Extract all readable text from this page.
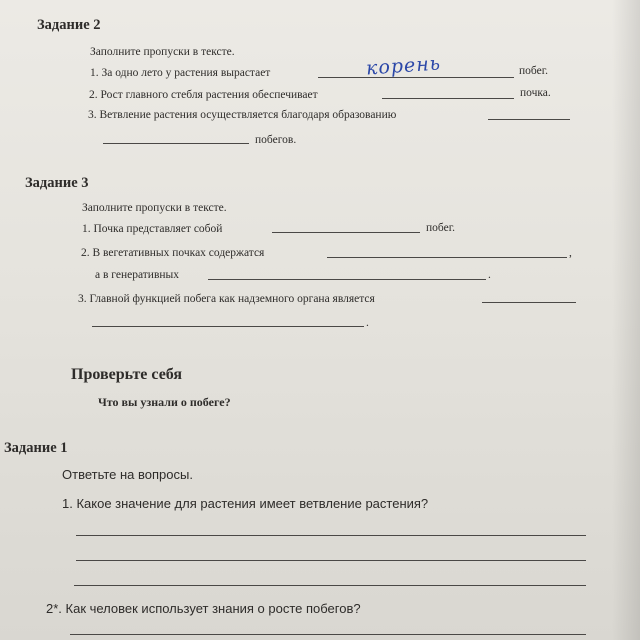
Задание 2
Заполните пропуски в тексте.
1. За одно лето у растения вырастает	корень	побег.
2. Рост главного стебля растения обеспечивает	почка.
3. Ветвление растения осуществляется благодаря образованию
побегов.
Задание 3
Заполните пропуски в тексте.
1. Почка представляет собой	побег.
2. В вегетативных почках содержатся	,
а в генеративных	.
3. Главной функцией побега как надземного органа является
.
Проверьте себя
Что вы узнали о побеге?
Задание 1
Ответьте на вопросы.
1. Какое значение для растения имеет ветвление растения?
2*. Как человек использует знания о росте побегов?
